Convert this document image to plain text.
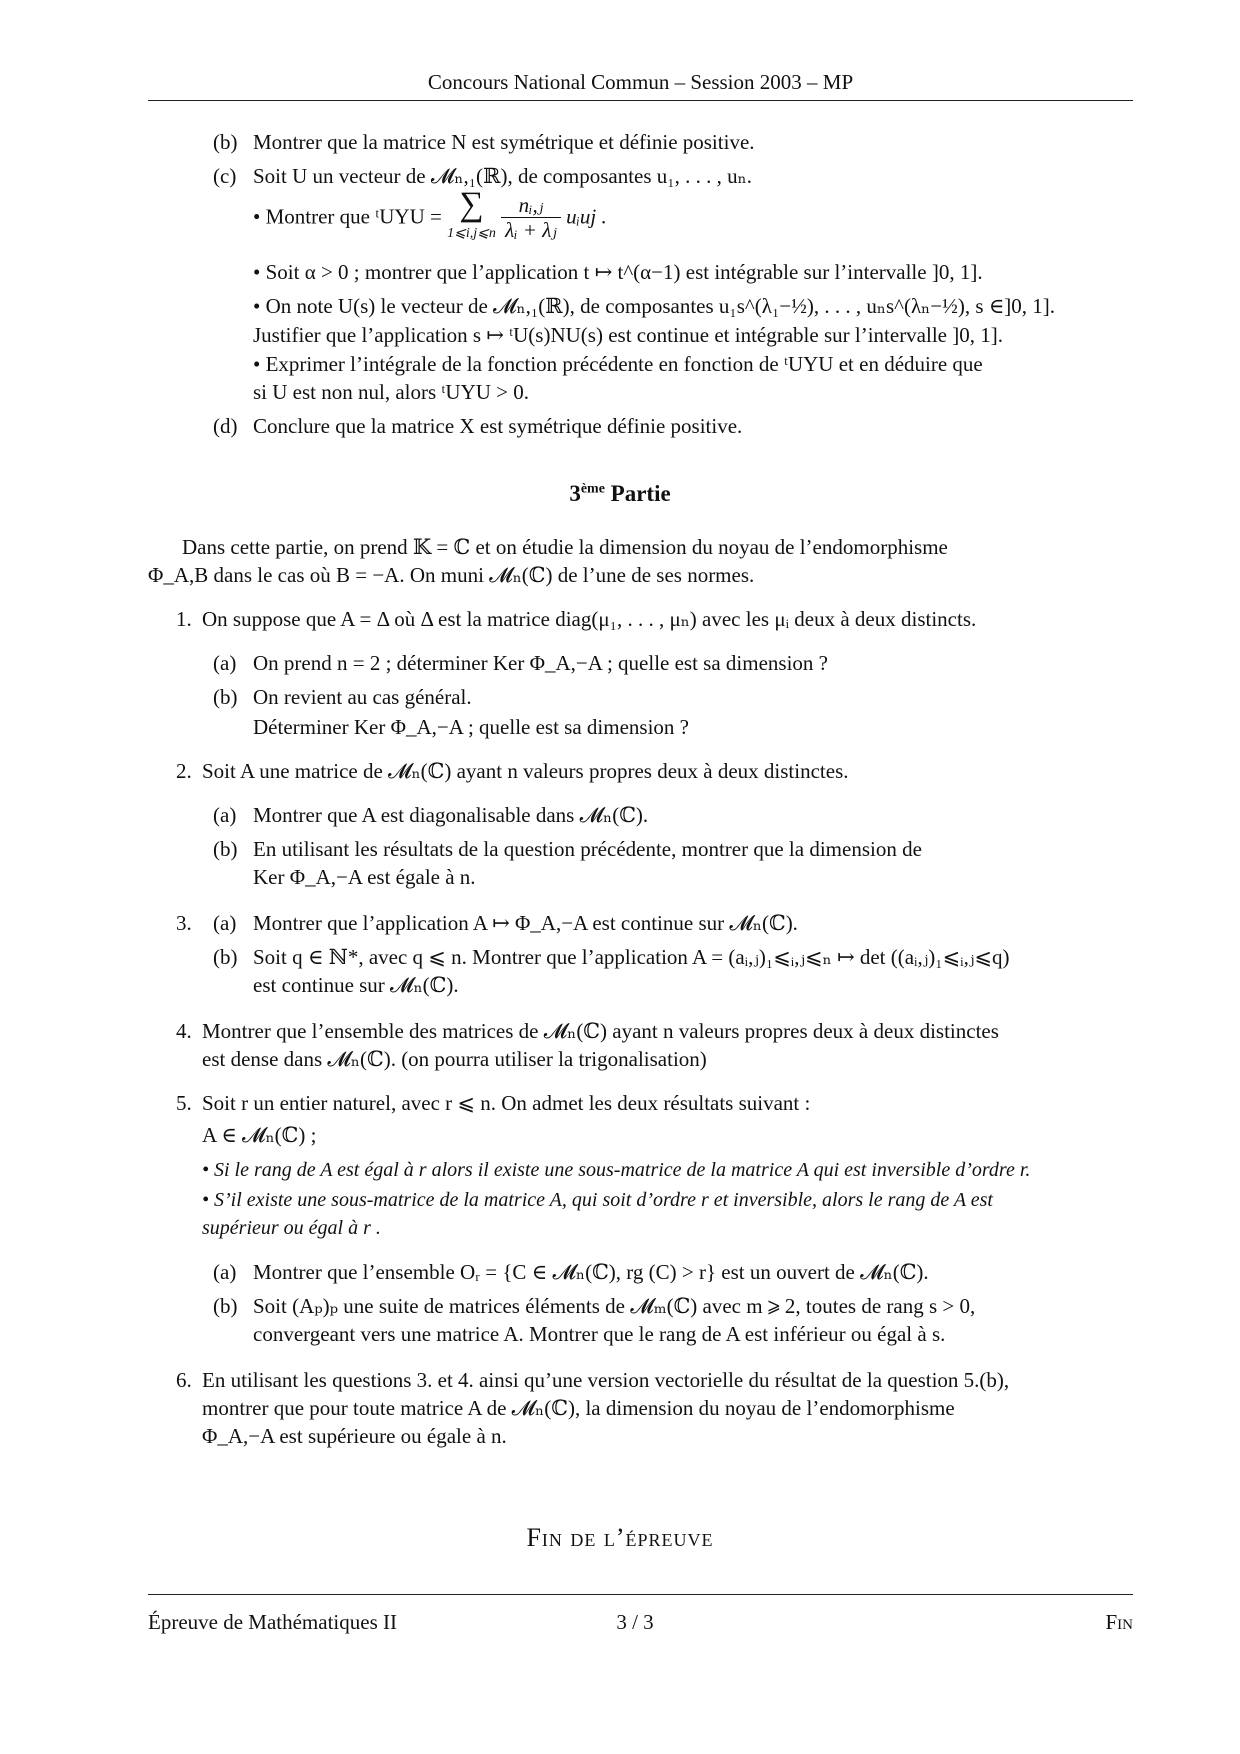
Concours National Commun – Session 2003 – MP
(b) Montrer que la matrice N est symétrique et définie positive.
(c) Soit U un vecteur de 𝓜ₙ,₁(ℝ), de composantes u₁, . . . , uₙ.
• Montrer que ᵗUYU = ∑
1⩽i,j⩽n
$\frac{\text{nᵢ,ⱼ}}{\text{λᵢ + λⱼ}}$ uᵢuj .
• Soit α > 0 ; montrer que l’application t ↦ t^(α−1) est intégrable sur l’intervalle ]0, 1].
• On note U(s) le vecteur de 𝓜ₙ,₁(ℝ), de composantes u₁s^(λ₁−½), . . . , uₙs^(λₙ−½), s ∈]0, 1].
Justifier que l’application s ↦ ᵗU(s)NU(s) est continue et intégrable sur l’intervalle ]0, 1].
• Exprimer l’intégrale de la fonction précédente en fonction de ᵗUYU et en déduire que
si U est non nul, alors ᵗUYU > 0.
(d) Conclure que la matrice X est symétrique définie positive.
3ème Partie
Dans cette partie, on prend 𝕂 = ℂ et on étudie la dimension du noyau de l’endomorphisme
Φ_A,B dans le cas où B = −A. On muni 𝓜ₙ(ℂ) de l’une de ses normes.
1. On suppose que A = Δ où Δ est la matrice diag(μ₁, . . . , μₙ) avec les μᵢ deux à deux distincts.
(a) On prend n = 2 ; déterminer Ker Φ_A,−A ; quelle est sa dimension ?
(b) On revient au cas général.
Déterminer Ker Φ_A,−A ; quelle est sa dimension ?
2. Soit A une matrice de 𝓜ₙ(ℂ) ayant n valeurs propres deux à deux distinctes.
(a) Montrer que A est diagonalisable dans 𝓜ₙ(ℂ).
(b) En utilisant les résultats de la question précédente, montrer que la dimension de
Ker Φ_A,−A est égale à n.
3. (a) Montrer que l’application A ↦ Φ_A,−A est continue sur 𝓜ₙ(ℂ).
(b) Soit q ∈ ℕ*, avec q ⩽ n. Montrer que l’application A = (aᵢ,ⱼ)₁⩽ᵢ,ⱼ⩽ₙ ↦ det ((aᵢ,ⱼ)₁⩽ᵢ,ⱼ⩽q)
est continue sur 𝓜ₙ(ℂ).
4. Montrer que l’ensemble des matrices de 𝓜ₙ(ℂ) ayant n valeurs propres deux à deux distinctes
est dense dans 𝓜ₙ(ℂ). (on pourra utiliser la trigonalisation)
5. Soit r un entier naturel, avec r ⩽ n. On admet les deux résultats suivant :
A ∈ 𝓜ₙ(ℂ) ;
• Si le rang de A est égal à r alors il existe une sous-matrice de la matrice A qui est inversible d’ordre r.
• S’il existe une sous-matrice de la matrice A, qui soit d’ordre r et inversible, alors le rang de A est
supérieur ou égal à r .
(a) Montrer que l’ensemble Oᵣ = {C ∈ 𝓜ₙ(ℂ), rg (C) > r} est un ouvert de 𝓜ₙ(ℂ).
(b) Soit (Aₚ)ₚ une suite de matrices éléments de 𝓜ₘ(ℂ) avec m ⩾ 2, toutes de rang s > 0,
convergeant vers une matrice A. Montrer que le rang de A est inférieur ou égal à s.
6. En utilisant les questions 3. et 4. ainsi qu’une version vectorielle du résultat de la question 5.(b),
montrer que pour toute matrice A de 𝓜ₙ(ℂ), la dimension du noyau de l’endomorphisme
Φ_A,−A est supérieure ou égale à n.
Fin de l’épreuve
Épreuve de Mathématiques II	3 / 3	Fin
